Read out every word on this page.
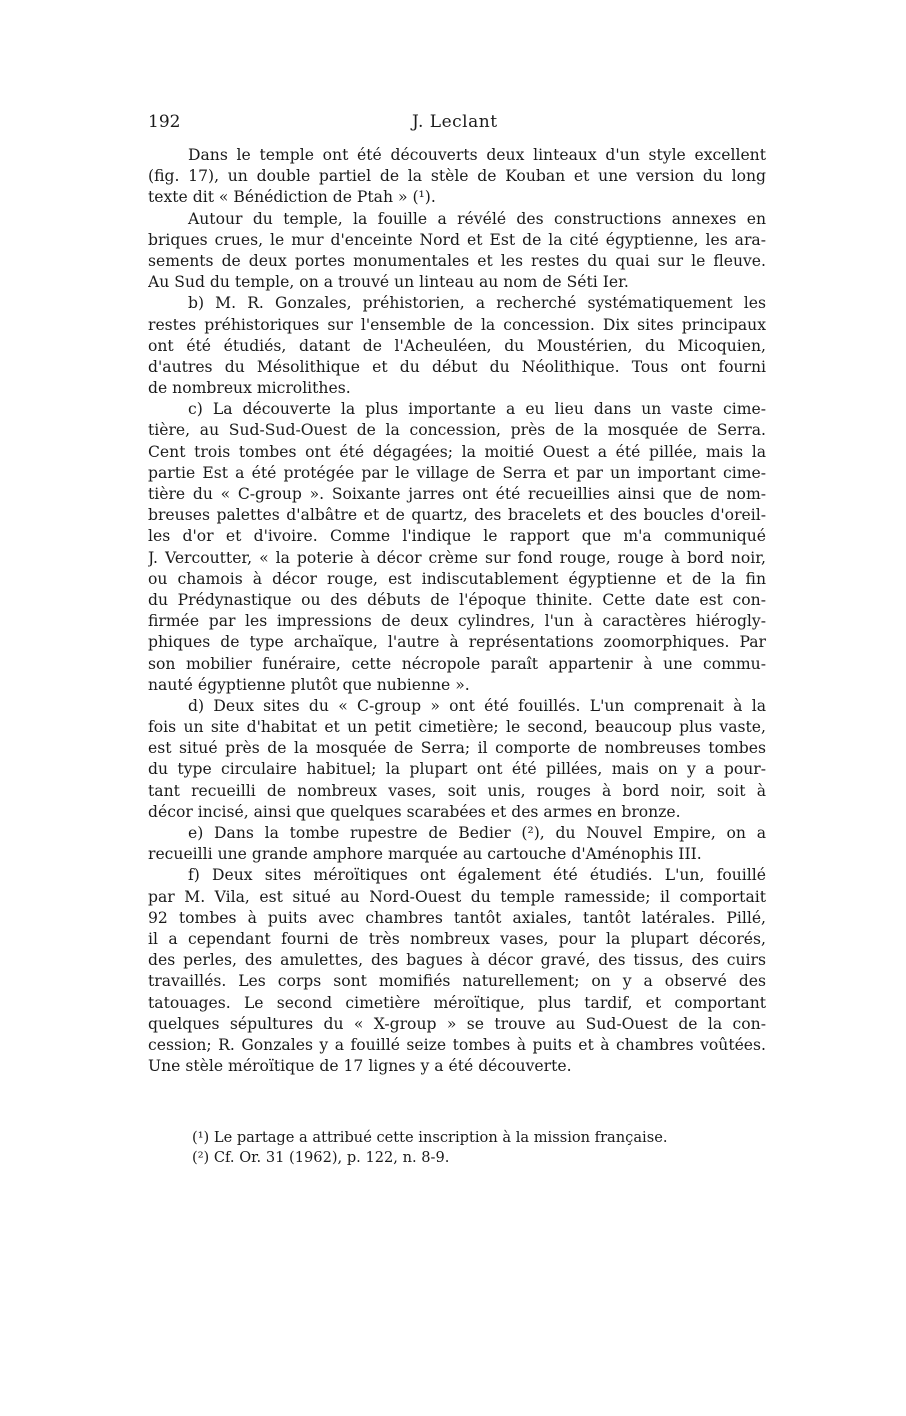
192	J. Leclant
Dans le temple ont été découverts deux linteaux d'un style excellent
(fig. 17), un double partiel de la stèle de Kouban et une version du long
texte dit « Bénédiction de Ptah » (¹).
Autour du temple, la fouille a révélé des constructions annexes en
briques crues, le mur d'enceinte Nord et Est de la cité égyptienne, les ara-
sements de deux portes monumentales et les restes du quai sur le fleuve.
Au Sud du temple, on a trouvé un linteau au nom de Séti Ier.
b) M. R. Gonzales, préhistorien, a recherché systématiquement les
restes préhistoriques sur l'ensemble de la concession. Dix sites principaux
ont été étudiés, datant de l'Acheuléen, du Moustérien, du Micoquien,
d'autres du Mésolithique et du début du Néolithique. Tous ont fourni
de nombreux microlithes.
c) La découverte la plus importante a eu lieu dans un vaste cime-
tière, au Sud-Sud-Ouest de la concession, près de la mosquée de Serra.
Cent trois tombes ont été dégagées; la moitié Ouest a été pillée, mais la
partie Est a été protégée par le village de Serra et par un important cime-
tière du « C-group ». Soixante jarres ont été recueillies ainsi que de nom-
breuses palettes d'albâtre et de quartz, des bracelets et des boucles d'oreil-
les d'or et d'ivoire. Comme l'indique le rapport que m'a communiqué
J. Vercoutter, « la poterie à décor crème sur fond rouge, rouge à bord noir,
ou chamois à décor rouge, est indiscutablement égyptienne et de la fin
du Prédynastique ou des débuts de l'époque thinite. Cette date est con-
firmée par les impressions de deux cylindres, l'un à caractères hiérogly-
phiques de type archaïque, l'autre à représentations zoomorphiques. Par
son mobilier funéraire, cette nécropole paraît appartenir à une commu-
nauté égyptienne plutôt que nubienne ».
d) Deux sites du « C-group » ont été fouillés. L'un comprenait à la
fois un site d'habitat et un petit cimetière; le second, beaucoup plus vaste,
est situé près de la mosquée de Serra; il comporte de nombreuses tombes
du type circulaire habituel; la plupart ont été pillées, mais on y a pour-
tant recueilli de nombreux vases, soit unis, rouges à bord noir, soit à
décor incisé, ainsi que quelques scarabées et des armes en bronze.
e) Dans la tombe rupestre de Bedier (²), du Nouvel Empire, on a
recueilli une grande amphore marquée au cartouche d'Aménophis III.
f) Deux sites méroïtiques ont également été étudiés. L'un, fouillé
par M. Vila, est situé au Nord-Ouest du temple ramesside; il comportait
92 tombes à puits avec chambres tantôt axiales, tantôt latérales. Pillé,
il a cependant fourni de très nombreux vases, pour la plupart décorés,
des perles, des amulettes, des bagues à décor gravé, des tissus, des cuirs
travaillés. Les corps sont momifiés naturellement; on y a observé des
tatouages. Le second cimetière méroïtique, plus tardif, et comportant
quelques sépultures du « X-group » se trouve au Sud-Ouest de la con-
cession; R. Gonzales y a fouillé seize tombes à puits et à chambres voûtées.
Une stèle méroïtique de 17 lignes y a été découverte.
(¹) Le partage a attribué cette inscription à la mission française.
(²) Cf. Or. 31 (1962), p. 122, n. 8-9.
